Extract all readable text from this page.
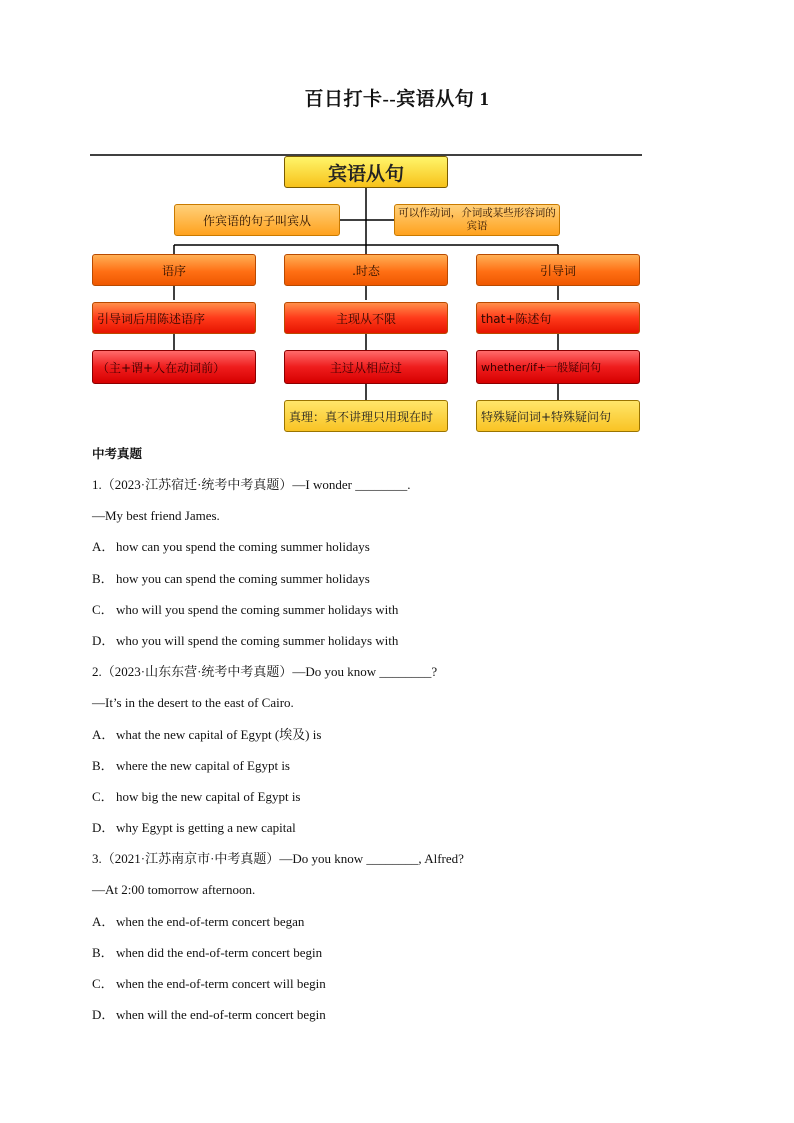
百日打卡--宾语从句 1
宾语从句
作宾语的句子叫宾从
可以作动词，介词或某些形容词的宾语
语序	.时态	引导词
引导词后用陈述语序
（主+谓+人在动词前）
主现从不限
主过从相应过
真理：真不讲理只用现在时
that+陈述句
whether/if+一般疑问句
特殊疑问词+特殊疑问句
中考真题
1.（2023·江苏宿迁·统考中考真题）—I wonder ________.
—My best friend James.
A． how can you spend the coming summer holidays
B． how you can spend the coming summer holidays
C． who will you spend the coming summer holidays with
D． who you will spend the coming summer holidays with
2.（2023·山东东营·统考中考真题）—Do you know ________?
—It’s in the desert to the east of Cairo.
A． what the new capital of Egypt (埃及) is
B． where the new capital of Egypt is
C． how big the new capital of Egypt is
D． why Egypt is getting a new capital
3.（2021·江苏南京市·中考真题）—Do you know ________, Alfred?
—At 2:00 tomorrow afternoon.
A． when the end-of-term concert began
B． when did the end-of-term concert begin
C． when the end-of-term concert will begin
D． when will the end-of-term concert begin
